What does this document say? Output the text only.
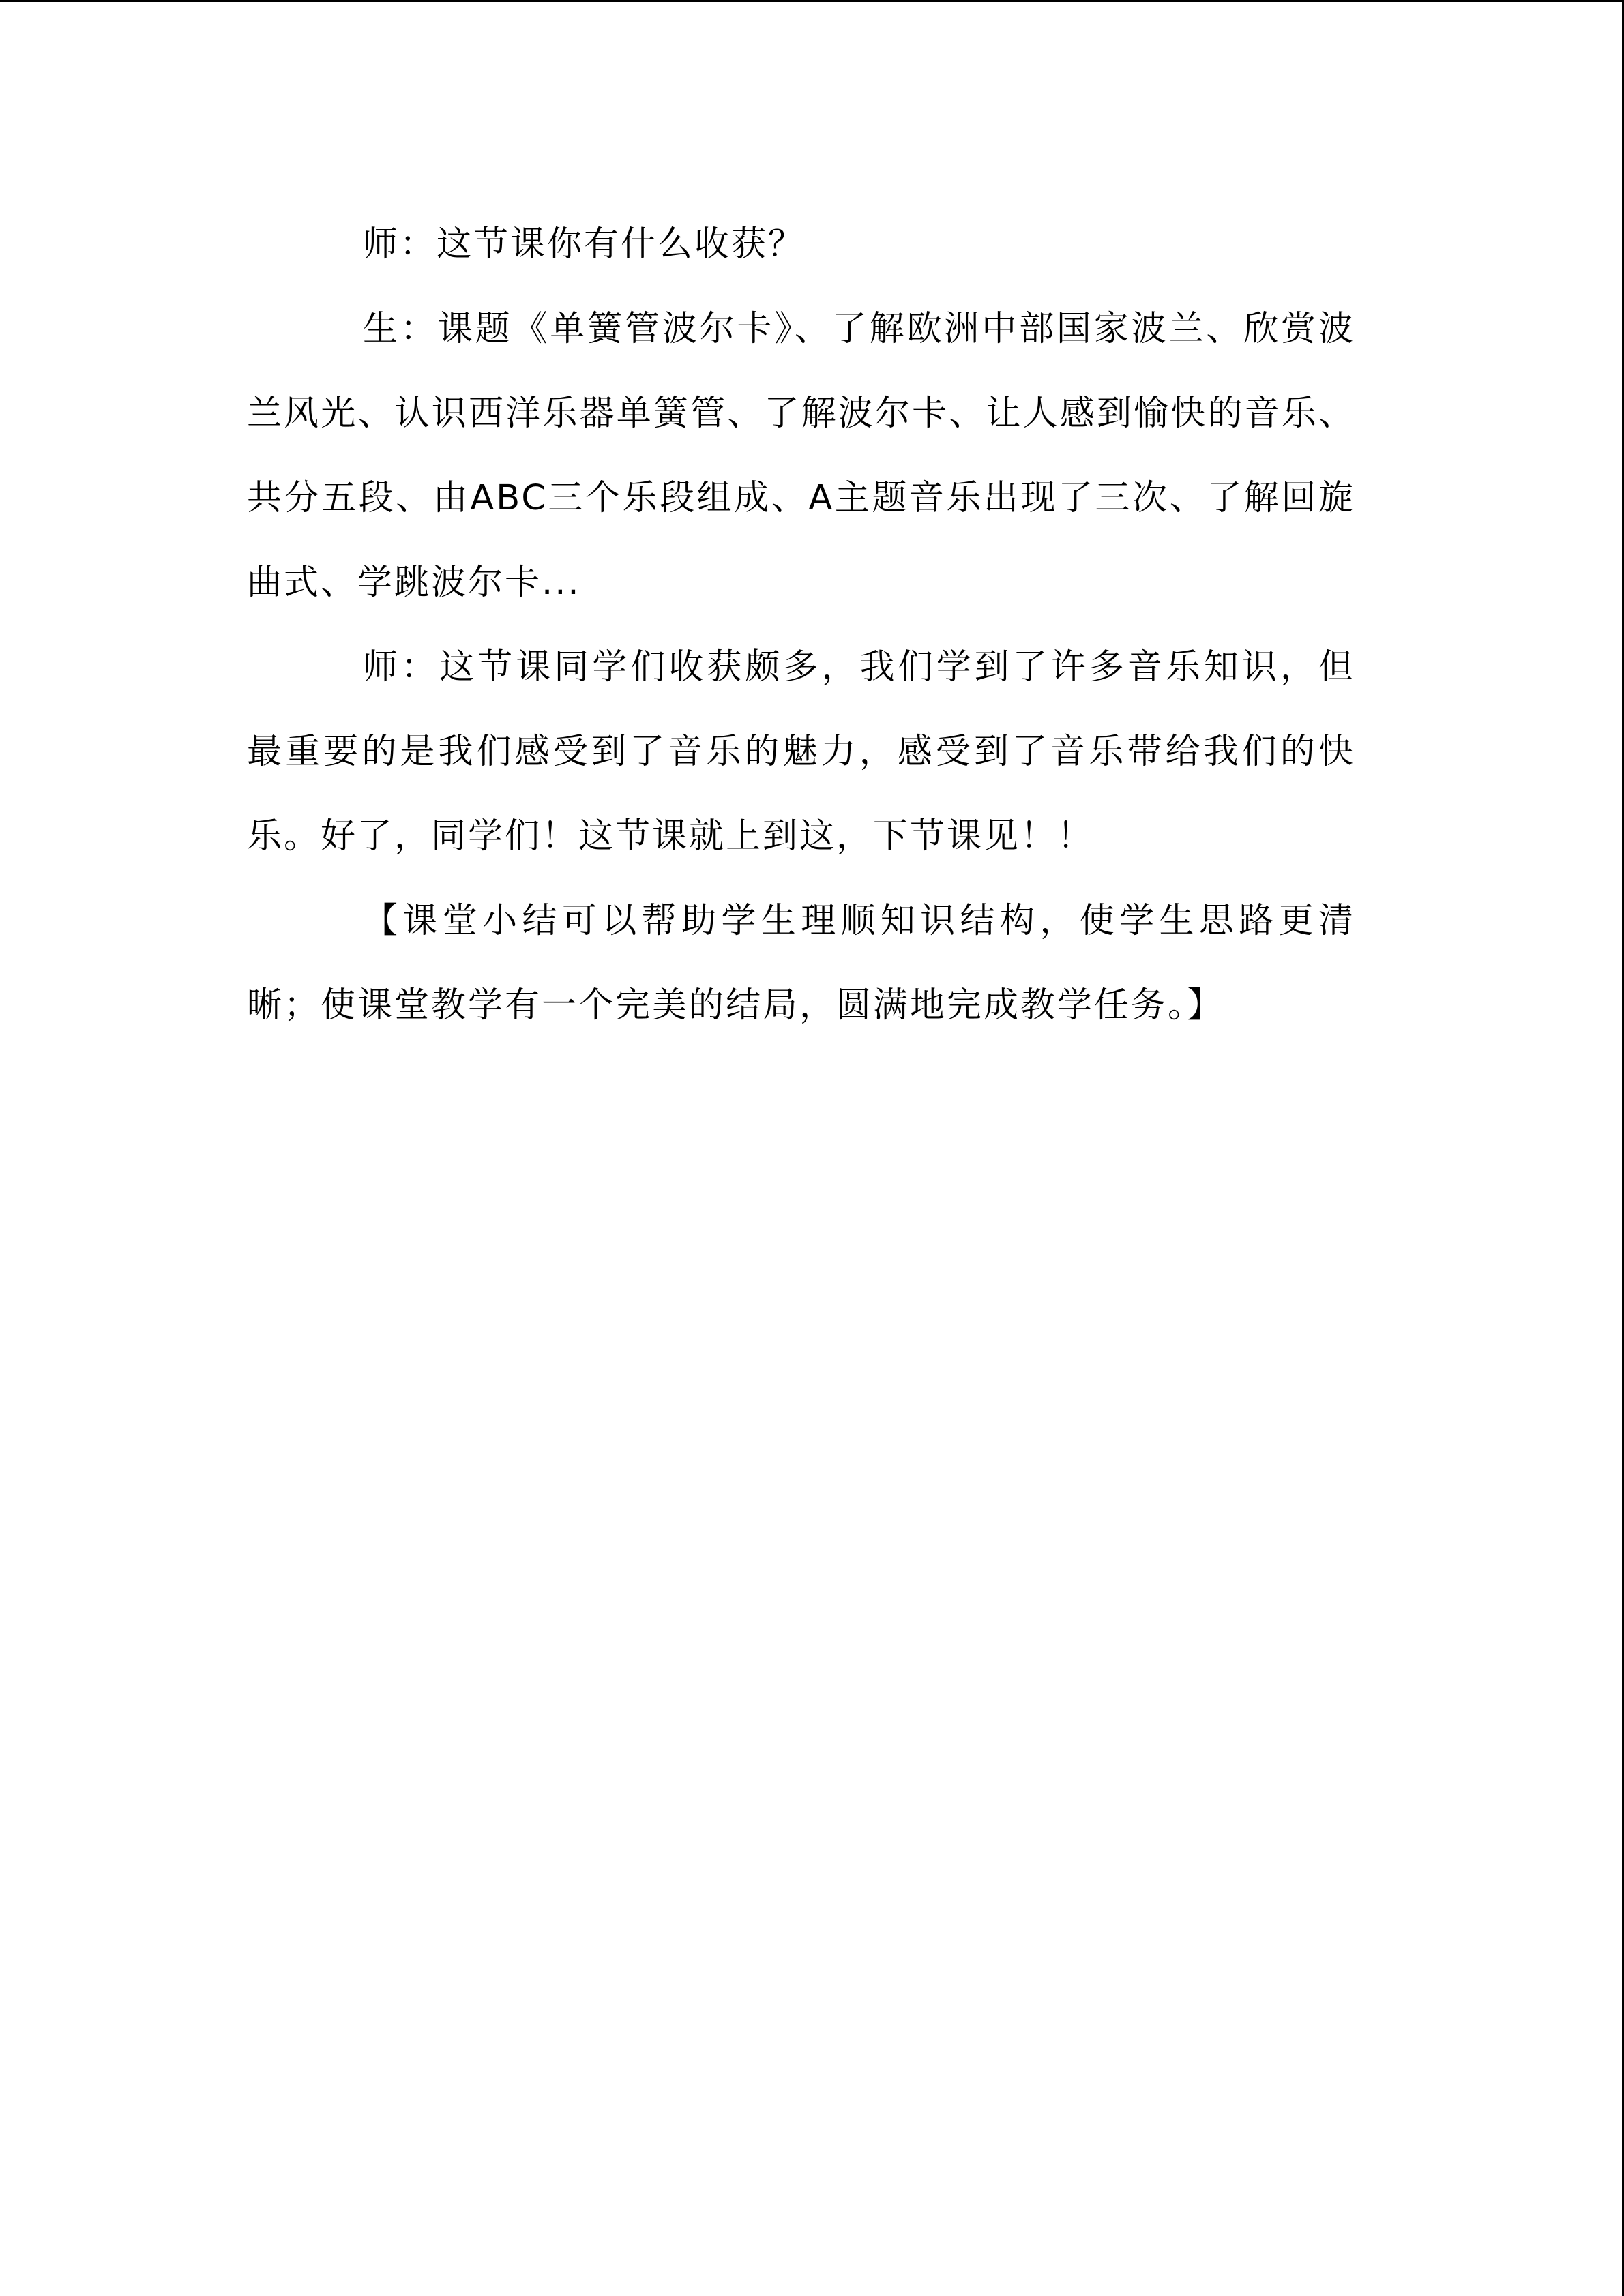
师：这节课你有什么收获？

生：课题《单簧管波尔卡》、了解欧洲中部国家波兰、欣赏波兰风光、认识西洋乐器单簧管、了解波尔卡、让人感到愉快的音乐、共分五段、由ABC三个乐段组成、A主题音乐出现了三次、了解回旋曲式、学跳波尔卡...

师：这节课同学们收获颇多，我们学到了许多音乐知识，但最重要的是我们感受到了音乐的魅力，感受到了音乐带给我们的快乐。好了，同学们！这节课就上到这，下节课见！！

【课堂小结可以帮助学生理顺知识结构，使学生思路更清晰；使课堂教学有一个完美的结局，圆满地完成教学任务。】
